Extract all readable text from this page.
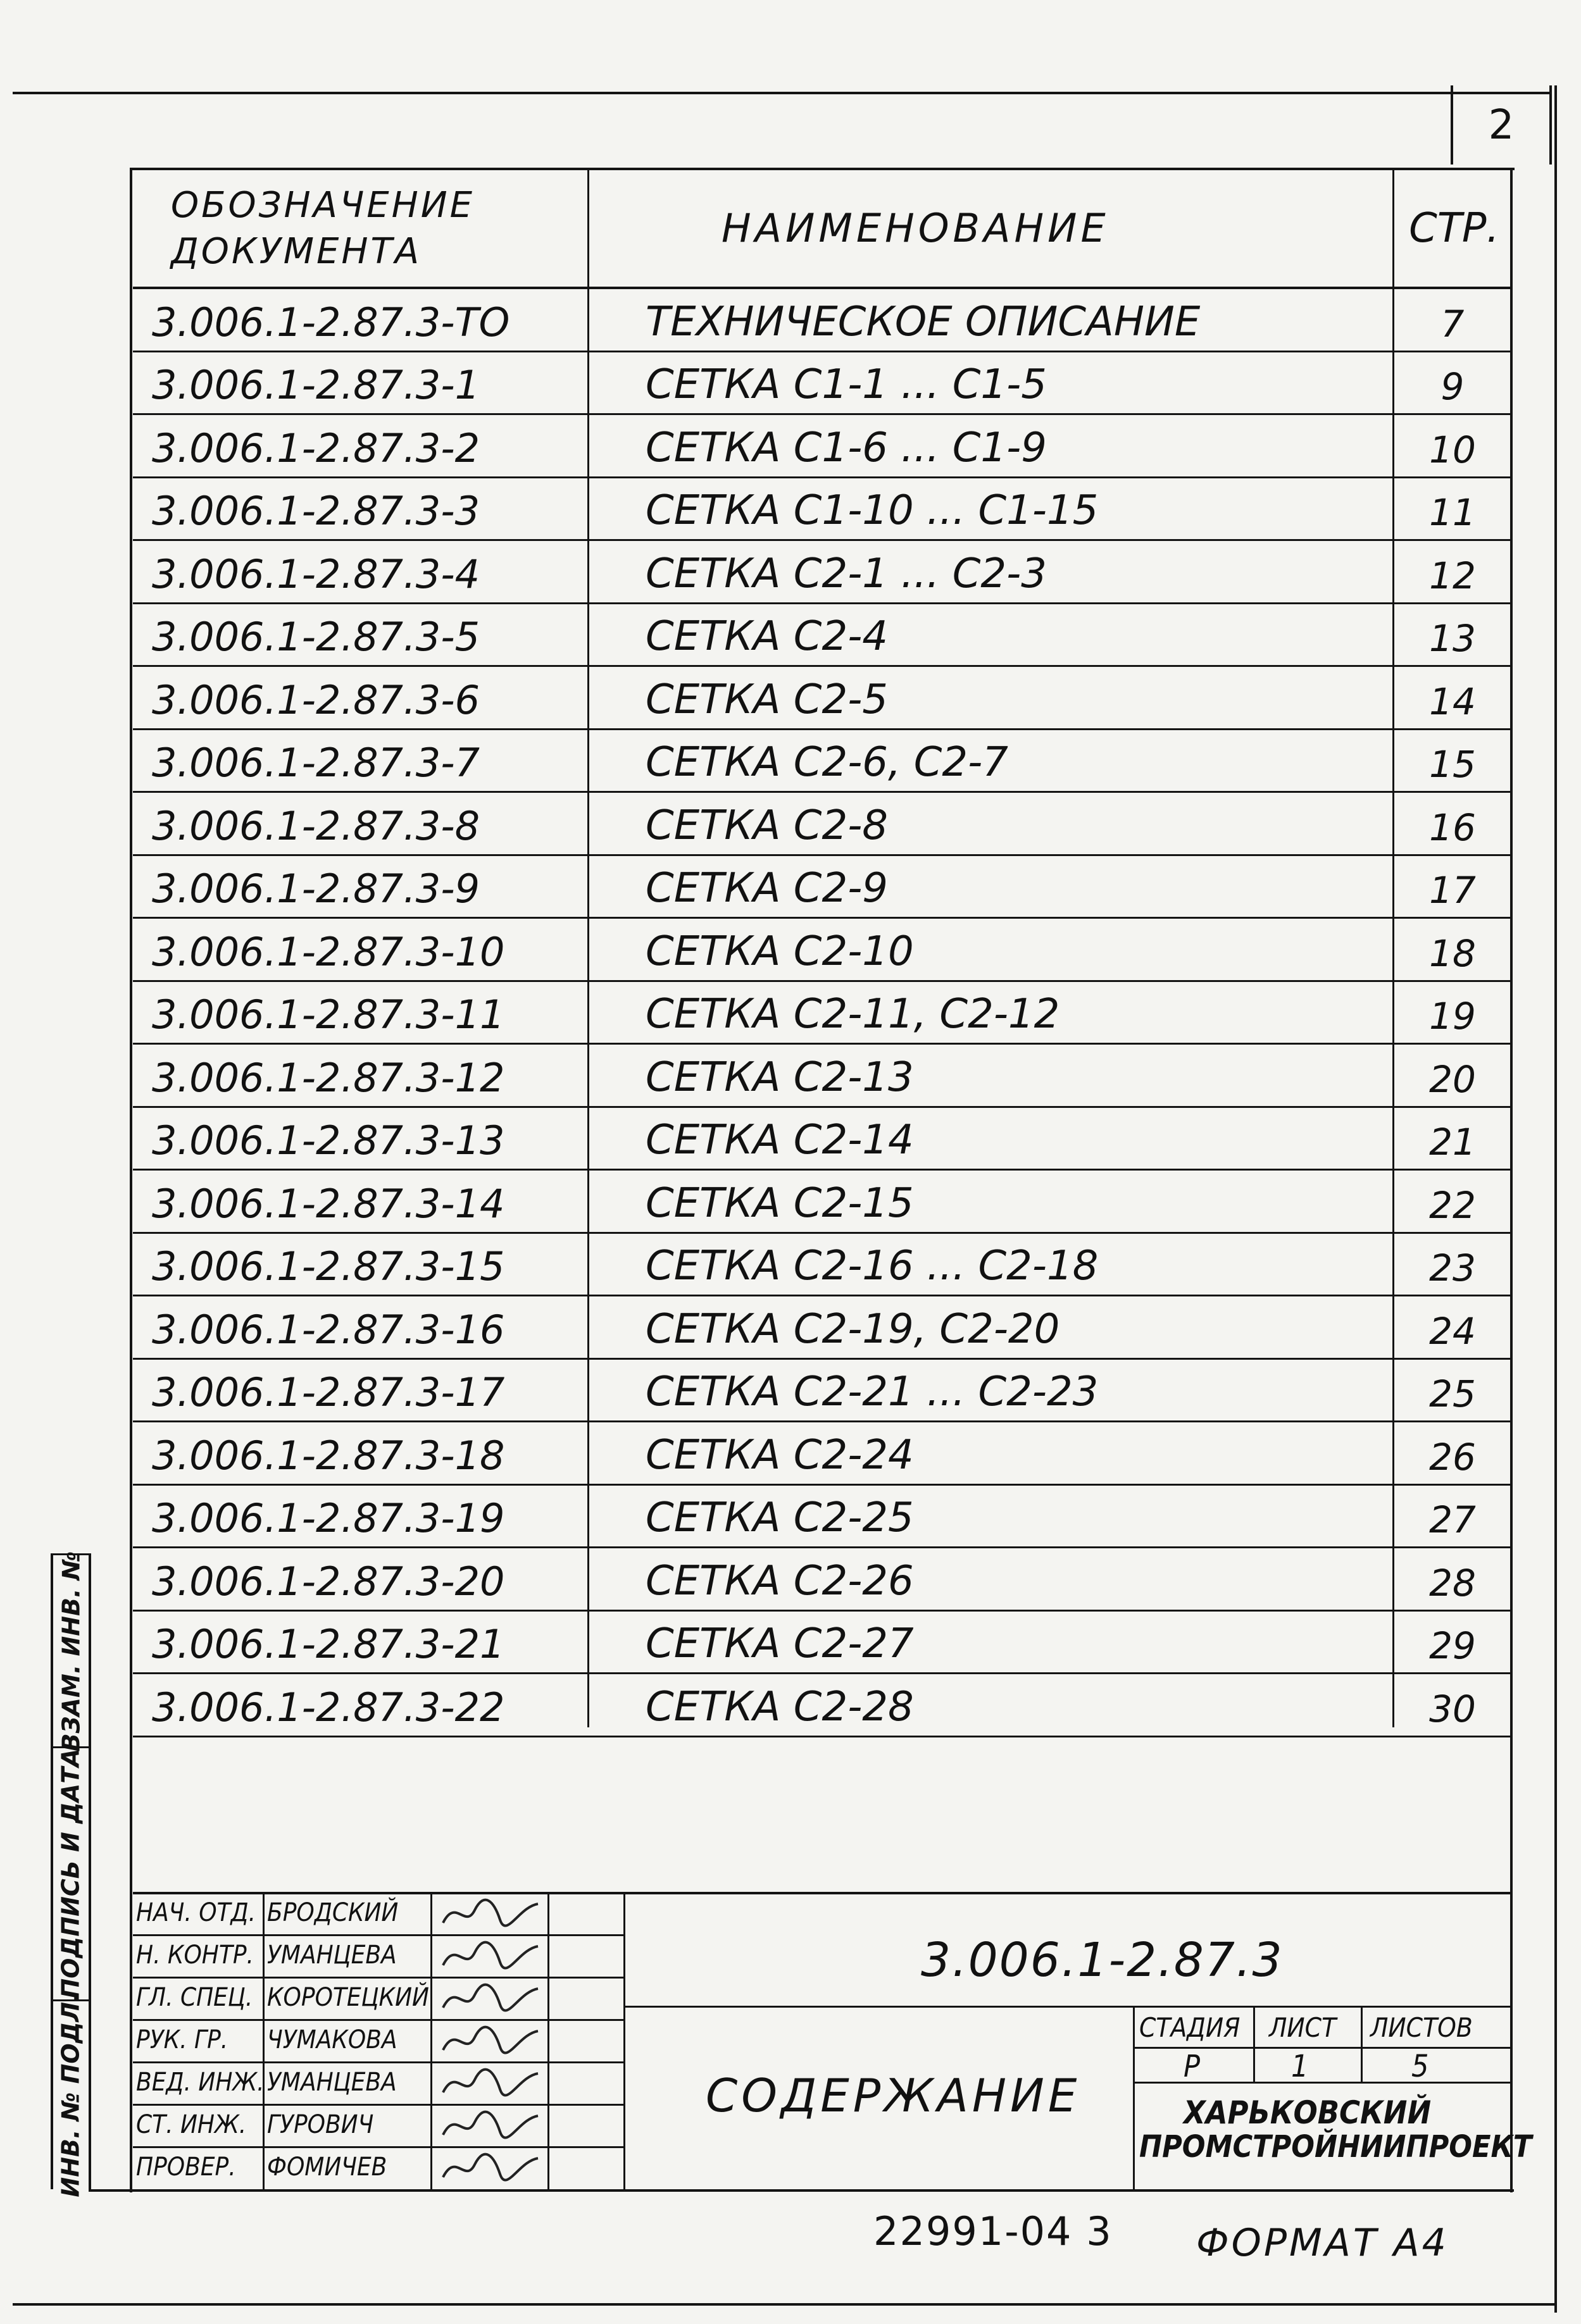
2
ОБОЗНАЧЕНИЕ
ДОКУМЕНТА	НАИМЕНОВАНИЕ	СТР.
3.006.1-2.87.3-ТО	ТЕХНИЧЕСКОЕ ОПИСАНИЕ	7
3.006.1-2.87.3-1	СЕТКА С1-1 ... С1-5	9
3.006.1-2.87.3-2	СЕТКА С1-6 ... С1-9	10
3.006.1-2.87.3-3	СЕТКА С1-10 ... С1-15	11
3.006.1-2.87.3-4	СЕТКА С2-1 ... С2-3	12
3.006.1-2.87.3-5	СЕТКА С2-4	13
3.006.1-2.87.3-6	СЕТКА С2-5	14
3.006.1-2.87.3-7	СЕТКА С2-6, С2-7	15
3.006.1-2.87.3-8	СЕТКА С2-8	16
3.006.1-2.87.3-9	СЕТКА С2-9	17
3.006.1-2.87.3-10	СЕТКА С2-10	18
3.006.1-2.87.3-11	СЕТКА С2-11, С2-12	19
3.006.1-2.87.3-12	СЕТКА С2-13	20
3.006.1-2.87.3-13	СЕТКА С2-14	21
3.006.1-2.87.3-14	СЕТКА С2-15	22
3.006.1-2.87.3-15	СЕТКА С2-16 ... С2-18	23
3.006.1-2.87.3-16	СЕТКА С2-19, С2-20	24
3.006.1-2.87.3-17	СЕТКА С2-21 ... С2-23	25
3.006.1-2.87.3-18	СЕТКА С2-24	26
3.006.1-2.87.3-19	СЕТКА С2-25	27
3.006.1-2.87.3-20	СЕТКА С2-26	28
3.006.1-2.87.3-21	СЕТКА С2-27	29
3.006.1-2.87.3-22	СЕТКА С2-28	30
НАЧ. ОТД. БРОДСКИЙ
Н. КОНТР. УМАНЦЕВА
ГЛ. СПЕЦ. КОРОТЕЦКИЙ
РУК. ГР. ЧУМАКОВА
ВЕД. ИНЖ. УМАНЦЕВА
СТ. ИНЖ. ГУРОВИЧ
ПРОВЕР. ФОМИЧЕВ
3.006.1-2.87.3
СОДЕРЖАНИЕ
СТАДИЯ ЛИСТ ЛИСТОВ
Р	1	5
ХАРЬКОВСКИЙ
ПРОМСТРОЙНИИПРОЕКТ
ВЗАМ. ИНВ. №
ПОДПИСЬ И ДАТА
ИНВ. № ПОДЛ.
22991-04 3 ФОРМАТ А4
